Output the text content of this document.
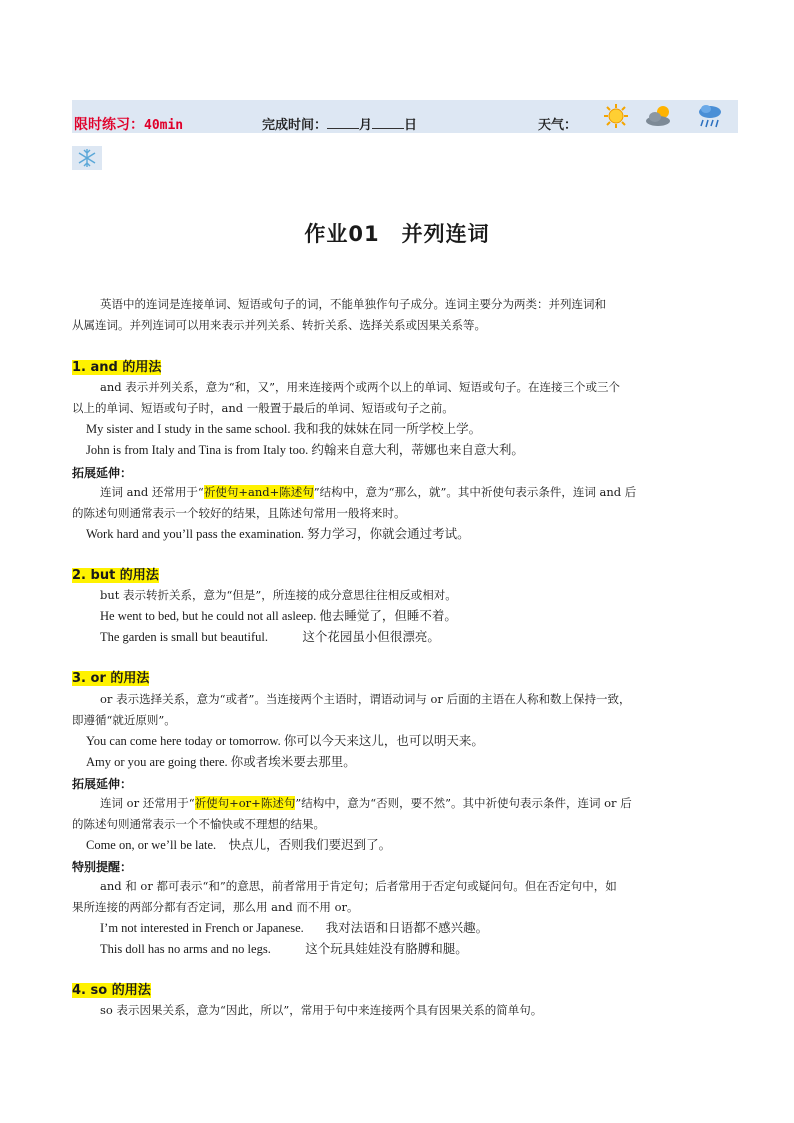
限时练习：40min	完成时间： 月 日	天气：
作业01　并列连词
英语中的连词是连接单词、短语或句子的词，不能单独作句子成分。连词主要分为两类：并列连词和
从属连词。并列连词可以用来表示并列关系、转折关系、选择关系或因果关系等。
1. and 的用法
and 表示并列关系，意为“和，又”，用来连接两个或两个以上的单词、短语或句子。在连接三个或三个
以上的单词、短语或句子时，and 一般置于最后的单词、短语或句子之前。
My sister and I study in the same school. 我和我的妹妹在同一所学校上学。
John is from Italy and Tina is from Italy too. 约翰来自意大利，蒂娜也来自意大利。
拓展延伸：
连词 and 还常用于“祈使句+and+陈述句”结构中，意为“那么，就”。其中祈使句表示条件，连词 and 后
的陈述句则通常表示一个较好的结果，且陈述句常用一般将来时。
Work hard and you’ll pass the examination. 努力学习，你就会通过考试。
2. but 的用法
but 表示转折关系，意为“但是”，所连接的成分意思往往相反或相对。
He went to bed, but he could not all asleep. 他去睡觉了，但睡不着。
The garden is small but beautiful.           这个花园虽小但很漂亮。
3. or 的用法
or 表示选择关系，意为“或者”。当连接两个主语时，谓语动词与 or 后面的主语在人称和数上保持一致，
即遵循“就近原则”。
You can come here today or tomorrow. 你可以今天来这儿，也可以明天来。
Amy or you are going there. 你或者埃米要去那里。
拓展延伸：
连词 or 还常用于“祈使句+or+陈述句”结构中，意为“否则，要不然”。其中祈使句表示条件，连词 or 后
的陈述句则通常表示一个不愉快或不理想的结果。
Come on, or we’ll be late.    快点儿，否则我们要迟到了。
特别提醒：
and 和 or 都可表示“和”的意思，前者常用于肯定句；后者常用于否定句或疑问句。但在否定句中，如
果所连接的两部分都有否定词，那么用 and 而不用 or。
I’m not interested in French or Japanese.       我对法语和日语都不感兴趣。
This doll has no arms and no legs.           这个玩具娃娃没有胳膊和腿。
4. so 的用法
so 表示因果关系，意为“因此，所以”，常用于句中来连接两个具有因果关系的简单句。
